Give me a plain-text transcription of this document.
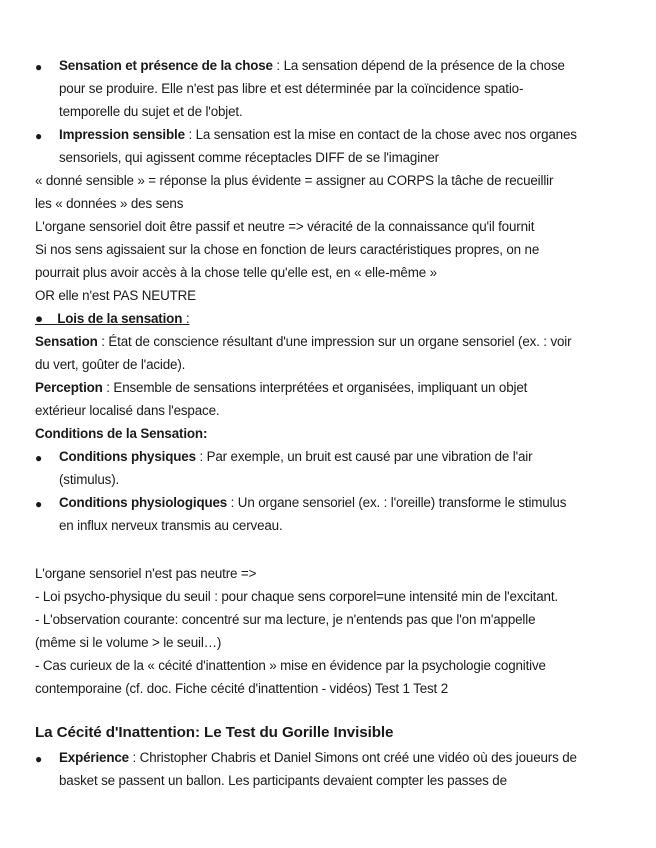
● Sensation et présence de la chose : La sensation dépend de la présence de la chose
pour se produire. Elle n'est pas libre et est déterminée par la coïncidence spatio-
temporelle du sujet et de l'objet.
● Impression sensible : La sensation est la mise en contact de la chose avec nos organes
sensoriels, qui agissent comme réceptacles DIFF de se l'imaginer
« donné sensible » = réponse la plus évidente = assigner au CORPS la tâche de recueillir
les « données » des sens
L'organe sensoriel doit être passif et neutre => véracité de la connaissance qu'il fournit
Si nos sens agissaient sur la chose en fonction de leurs caractéristiques propres, on ne
pourrait plus avoir accès à la chose telle qu'elle est, en « elle-même »
OR elle n'est PAS NEUTRE
● Lois de la sensation :
Sensation : État de conscience résultant d'une impression sur un organe sensoriel (ex. : voir
du vert, goûter de l'acide).
Perception : Ensemble de sensations interprétées et organisées, impliquant un objet
extérieur localisé dans l'espace.
Conditions de la Sensation:
● Conditions physiques : Par exemple, un bruit est causé par une vibration de l'air
(stimulus).
● Conditions physiologiques : Un organe sensoriel (ex. : l'oreille) transforme le stimulus
en influx nerveux transmis au cerveau.
L'organe sensoriel n'est pas neutre =>
- Loi psycho-physique du seuil : pour chaque sens corporel=une intensité min de l'excitant.
- L'observation courante: concentré sur ma lecture, je n'entends pas que l'on m'appelle
(même si le volume > le seuil…)
- Cas curieux de la « cécité d'inattention » mise en évidence par la psychologie cognitive
contemporaine (cf. doc. Fiche cécité d'inattention - vidéos) Test 1 Test 2
La Cécité d'Inattention: Le Test du Gorille Invisible
● Expérience : Christopher Chabris et Daniel Simons ont créé une vidéo où des joueurs de
basket se passent un ballon. Les participants devaient compter les passes de
